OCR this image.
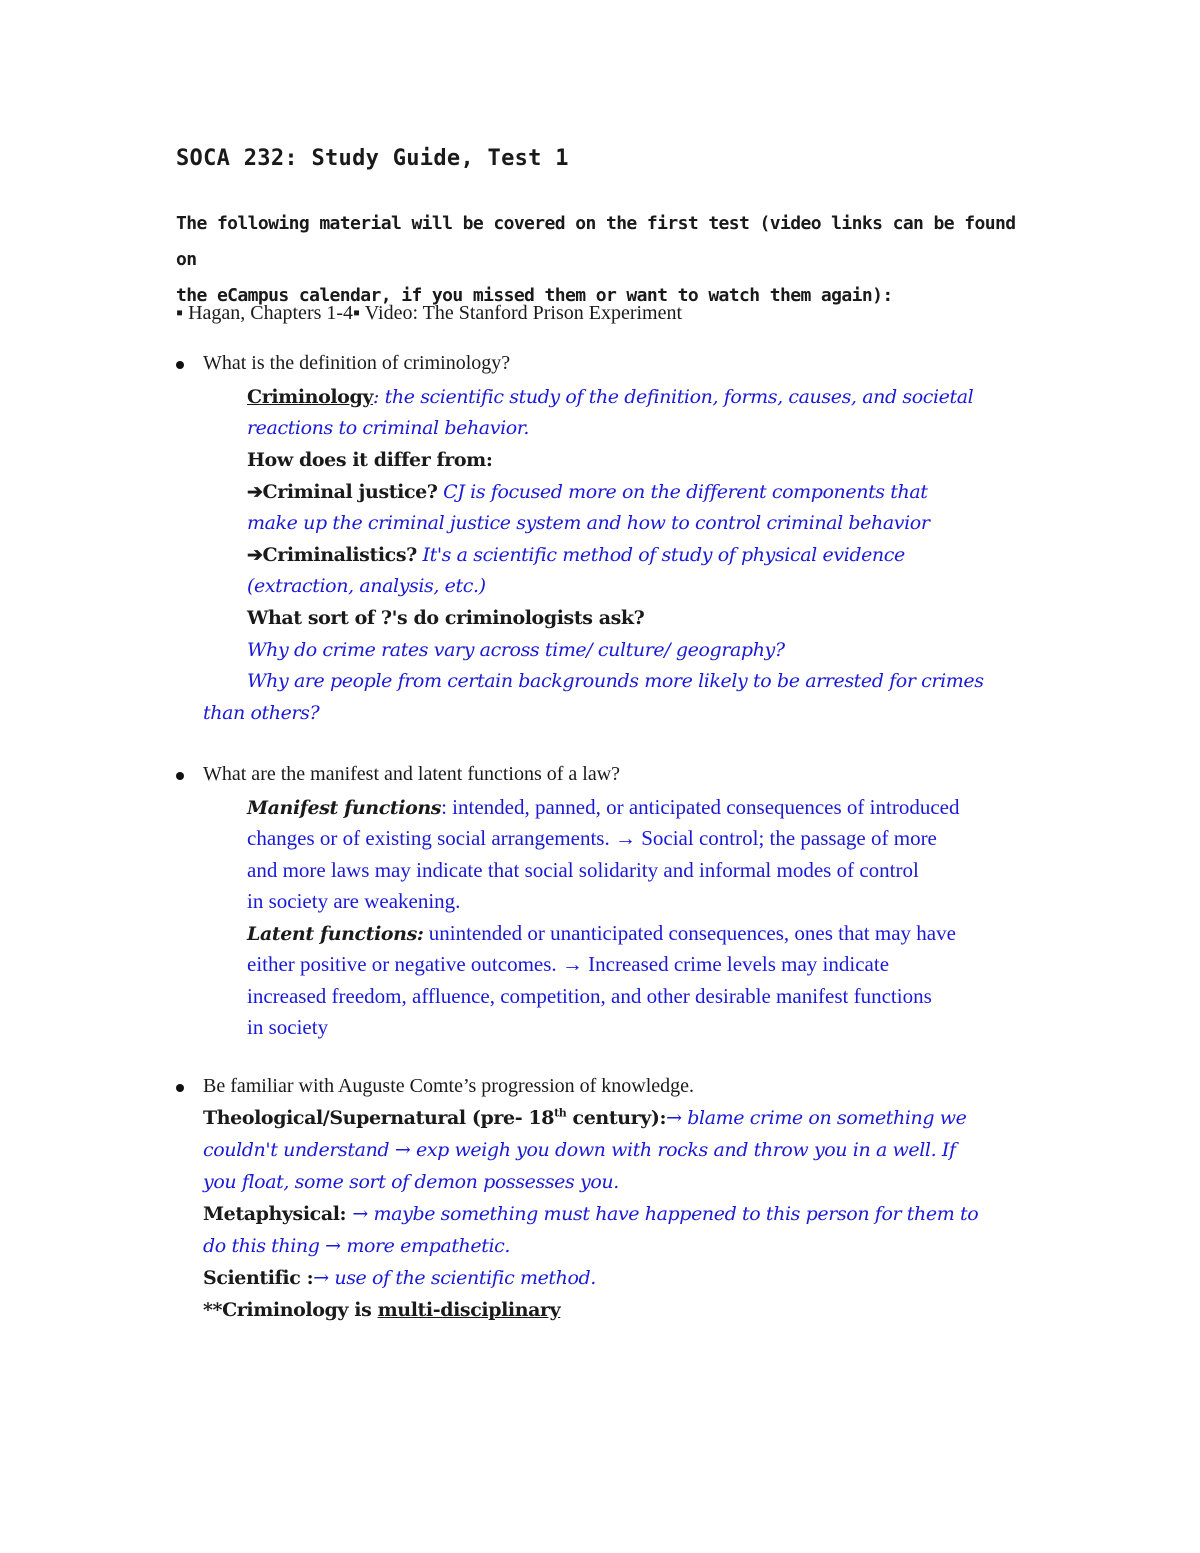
SOCA 232: Study Guide, Test 1
The following material will be covered on the first test (video links can be found on
the eCampus calendar, if you missed them or want to watch them again):
▪ Hagan, Chapters 1-4▪ Video: The Stanford Prison Experiment
What is the definition of criminology?
Criminology: the scientific study of the definition, forms, causes, and societal
reactions to criminal behavior.
How does it differ from:
➔Criminal justice? CJ is focused more on the different components that
make up the criminal justice system and how to control criminal behavior
➔Criminalistics? It's a scientific method of study of physical evidence
(extraction, analysis, etc.)
What sort of ?'s do criminologists ask?
Why do crime rates vary across time/ culture/ geography?
Why are people from certain backgrounds more likely to be arrested for crimes
than others?
What are the manifest and latent functions of a law?
Manifest functions: intended, panned, or anticipated consequences of introduced
changes or of existing social arrangements. → Social control; the passage of more
and more laws may indicate that social solidarity and informal modes of control
in society are weakening.
Latent functions: unintended or unanticipated consequences, ones that may have
either positive or negative outcomes. → Increased crime levels may indicate
increased freedom, affluence, competition, and other desirable manifest functions
in society
Be familiar with Auguste Comte’s progression of knowledge.
Theological/Supernatural (pre- 18th century):→ blame crime on something we
couldn't understand → exp weigh you down with rocks and throw you in a well. If
you float, some sort of demon possesses you.
Metaphysical: → maybe something must have happened to this person for them to
do this thing → more empathetic.
Scientific :→ use of the scientific method.
**Criminology is multi-disciplinary
